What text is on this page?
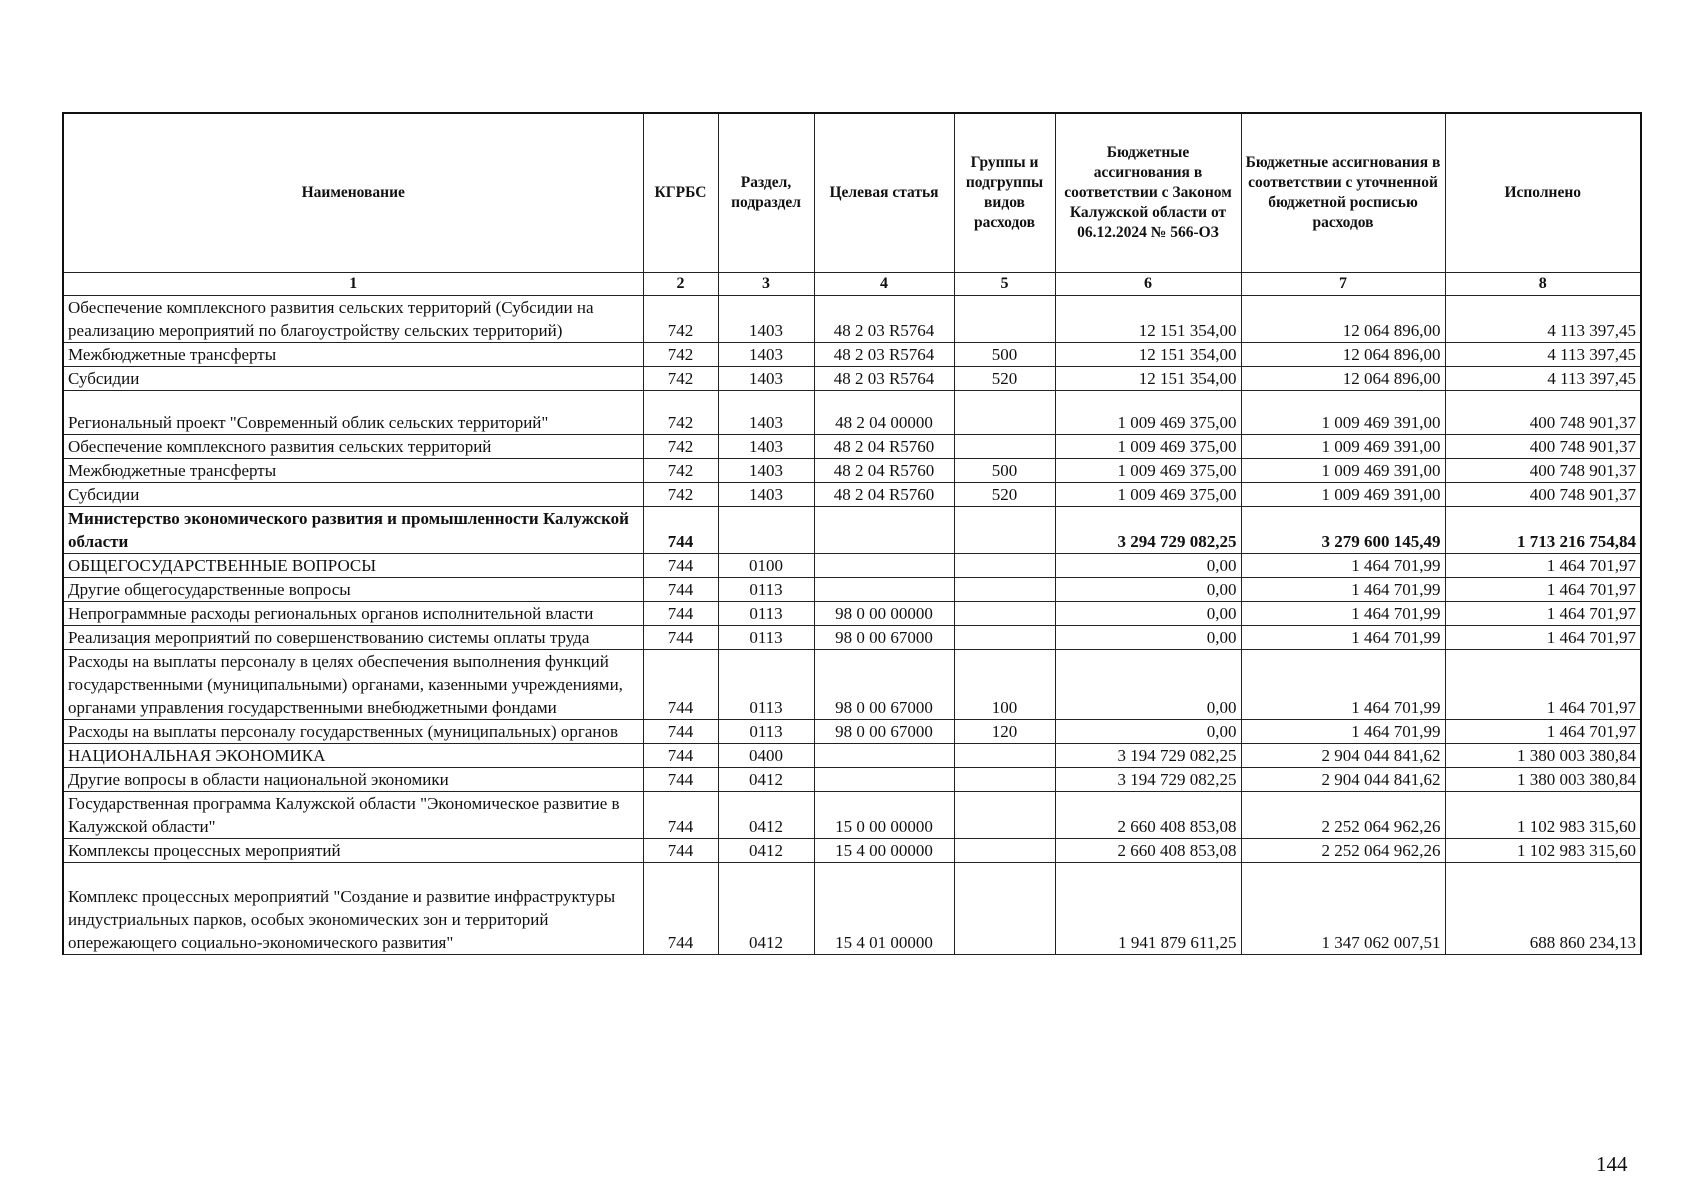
Наименование	КГРБС	Раздел, подраздел	Целевая статья	Группы и подгруппы видов расходов	Бюджетные ассигнования в соответствии с Законом Калужской области от 06.12.2024 № 566-ОЗ	Бюджетные ассигнования в соответствии с уточненной бюджетной росписью расходов	Исполнено
1	2	3	4	5	6	7	8
Обеспечение комплексного развития сельских территорий (Субсидии на реализацию мероприятий по благоустройству сельских территорий)	742	1403	48 2 03 R5764		12 151 354,00	12 064 896,00	4 113 397,45
Межбюджетные трансферты	742	1403	48 2 03 R5764	500	12 151 354,00	12 064 896,00	4 113 397,45
Субсидии	742	1403	48 2 03 R5764	520	12 151 354,00	12 064 896,00	4 113 397,45
Региональный проект "Современный облик сельских территорий"	742	1403	48 2 04 00000		1 009 469 375,00	1 009 469 391,00	400 748 901,37
Обеспечение комплексного развития сельских территорий	742	1403	48 2 04 R5760		1 009 469 375,00	1 009 469 391,00	400 748 901,37
Межбюджетные трансферты	742	1403	48 2 04 R5760	500	1 009 469 375,00	1 009 469 391,00	400 748 901,37
Субсидии	742	1403	48 2 04 R5760	520	1 009 469 375,00	1 009 469 391,00	400 748 901,37
Министерство экономического развития и промышленности Калужской области	744				3 294 729 082,25	3 279 600 145,49	1 713 216 754,84
ОБЩЕГОСУДАРСТВЕННЫЕ ВОПРОСЫ	744	0100			0,00	1 464 701,99	1 464 701,97
Другие общегосударственные вопросы	744	0113			0,00	1 464 701,99	1 464 701,97
Непрограммные расходы региональных органов исполнительной власти	744	0113	98 0 00 00000		0,00	1 464 701,99	1 464 701,97
Реализация мероприятий по совершенствованию системы оплаты труда	744	0113	98 0 00 67000		0,00	1 464 701,99	1 464 701,97
Расходы на выплаты персоналу в целях обеспечения выполнения функций государственными (муниципальными) органами, казенными учреждениями, органами управления государственными внебюджетными фондами	744	0113	98 0 00 67000	100	0,00	1 464 701,99	1 464 701,97
Расходы на выплаты персоналу государственных (муниципальных) органов	744	0113	98 0 00 67000	120	0,00	1 464 701,99	1 464 701,97
НАЦИОНАЛЬНАЯ ЭКОНОМИКА	744	0400			3 194 729 082,25	2 904 044 841,62	1 380 003 380,84
Другие вопросы в области национальной экономики	744	0412			3 194 729 082,25	2 904 044 841,62	1 380 003 380,84
Государственная программа Калужской области "Экономическое развитие в Калужской области"	744	0412	15 0 00 00000		2 660 408 853,08	2 252 064 962,26	1 102 983 315,60
Комплексы процессных мероприятий	744	0412	15 4 00 00000		2 660 408 853,08	2 252 064 962,26	1 102 983 315,60
Комплекс процессных мероприятий "Создание и развитие инфраструктуры индустриальных парков, особых экономических зон и территорий опережающего социально-экономического развития"	744	0412	15 4 01 00000		1 941 879 611,25	1 347 062 007,51	688 860 234,13
144
